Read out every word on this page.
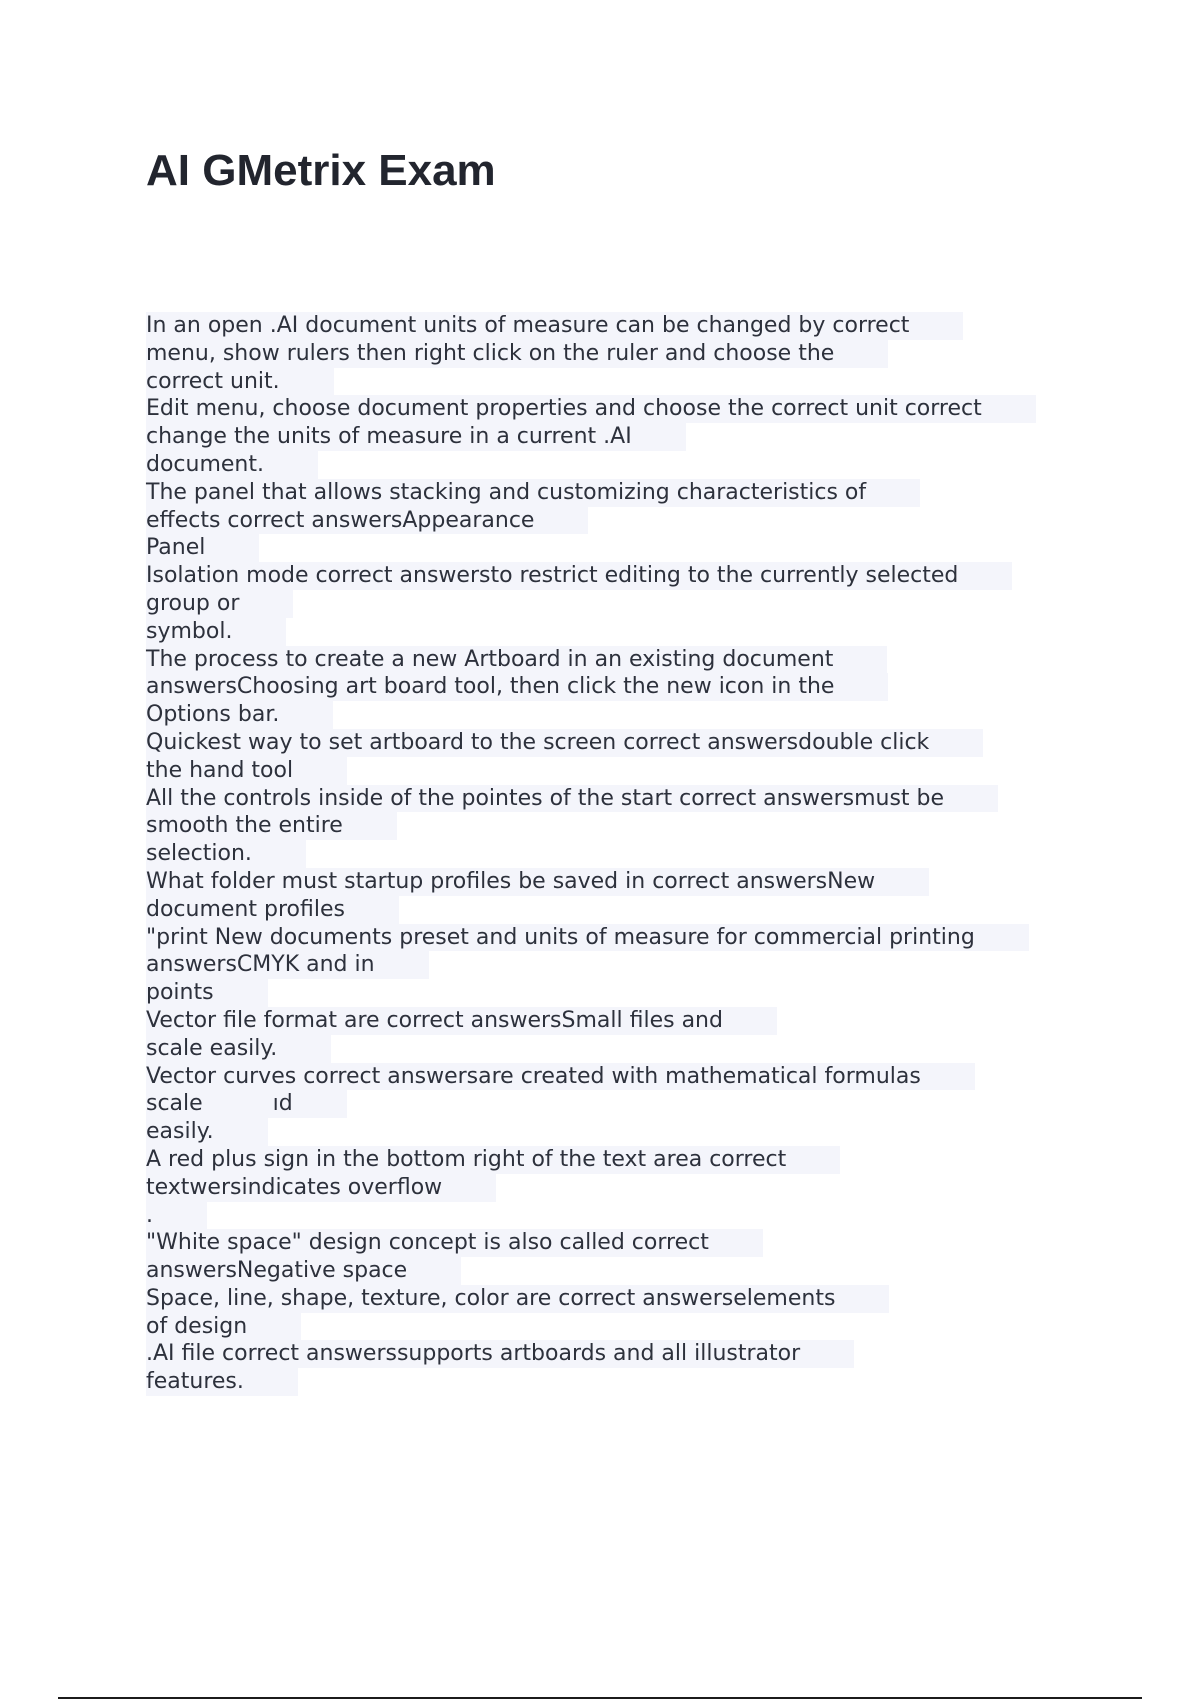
AI GMetrix Exam
In an open .AI document units of measure can be changed by correct
menu, show rulers then right click on the ruler and choose the
correct unit.
Edit menu, choose document properties and choose the correct unit correct
change the units of measure in a current .AI
document.
The panel that allows stacking and customizing characteristics of
effects correct answersAppearance
Panel
Isolation mode correct answersto restrict editing to the currently selected
group or
symbol.
The process to create a new Artboard in an existing document
answersChoosing art board tool, then click the new icon in the
Options bar.
Quickest way to set artboard to the screen correct answersdouble click
the hand tool
All the controls inside of the pointes of the start correct answersmust be
smooth the entire
selection.
What folder must startup profiles be saved in correct answersNew
document profiles
"print New documents preset and units of measure for commercial printing
answersCMYK and in
points
Vector file format are correct answersSmall files and
scale easily.
Vector curves correct answersare created with mathematical formulas
scale          ıd
easily.
A red plus sign in the bottom right of the text area correct
textwersindicates overflow
.
"White space" design concept is also called correct
answersNegative space
Space, line, shape, texture, color are correct answerselements
of design
.AI file correct answerssupports artboards and all illustrator
features.
